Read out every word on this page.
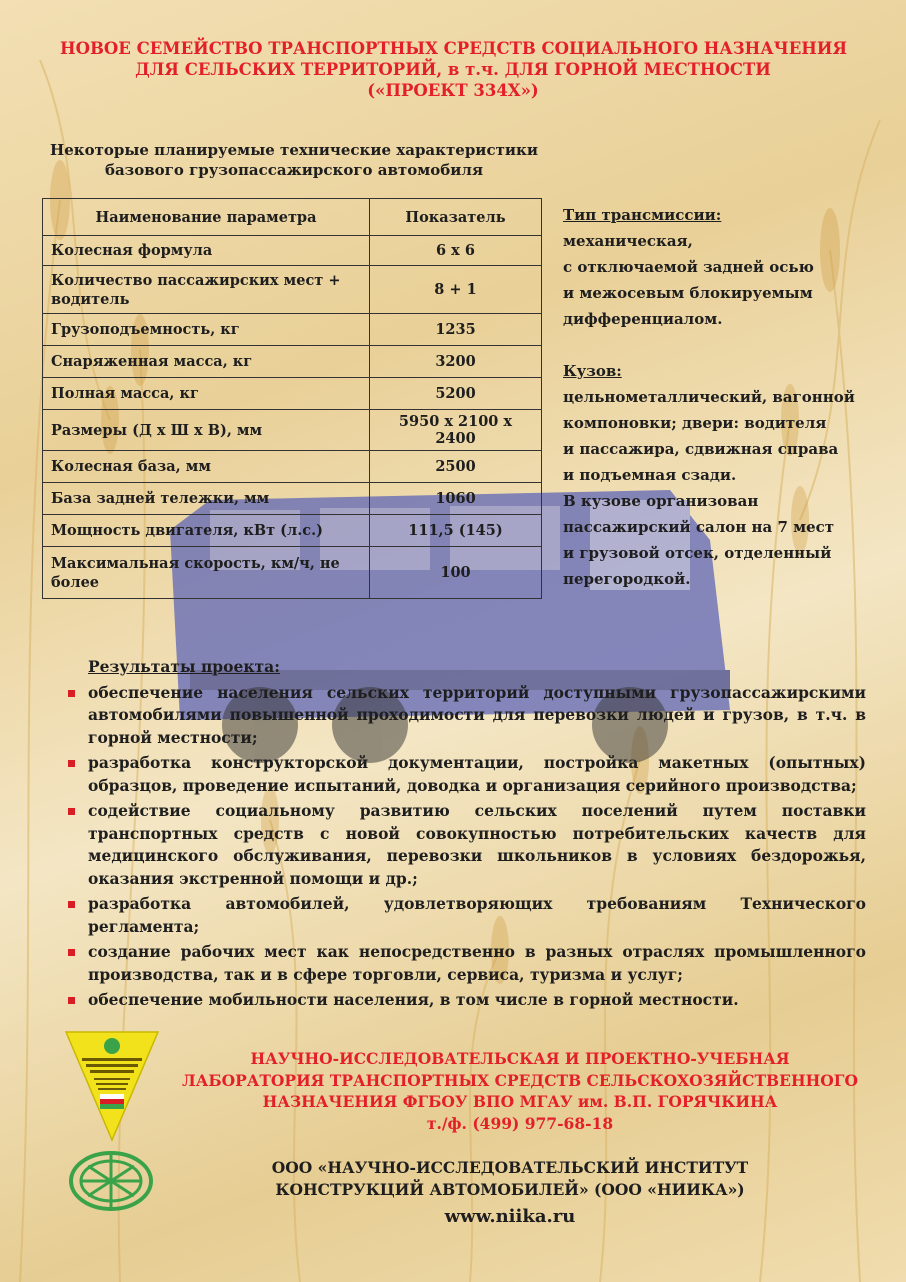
НОВОЕ СЕМЕЙСТВО ТРАНСПОРТНЫХ СРЕДСТВ СОЦИАЛЬНОГО НАЗНАЧЕНИЯ
ДЛЯ СЕЛЬСКИХ ТЕРРИТОРИЙ, в т.ч. ДЛЯ ГОРНОЙ МЕСТНОСТИ
(«ПРОЕКТ 334Х»)
Некоторые планируемые технические характеристики
базового грузопассажирского автомобиля
Наименование параметра	Показатель
Колесная формула	6 х 6
Количество пассажирских мест + водитель	8 + 1
Грузоподъемность, кг	1235
Снаряженная масса, кг	3200
Полная масса, кг	5200
Размеры (Д х Ш х В), мм	5950 х 2100 х 2400
Колесная база, мм	2500
База задней тележки, мм	1060
Мощность двигателя, кВт (л.с.)	111,5 (145)
Максимальная скорость, км/ч, не более	100
Тип трансмиссии:
механическая,
с отключаемой задней осью
и межосевым блокируемым
дифференциалом.
Кузов:
цельнометаллический, вагонной
компоновки; двери: водителя
и пассажира, сдвижная справа
и подъемная сзади.
В кузове организован
пассажирский салон на 7 мест
и грузовой отсек, отделенный
перегородкой.
Результаты проекта:
обеспечение населения сельских территорий доступными грузопассажирскими автомобилями повышенной проходимости для перевозки людей и грузов, в т.ч. в горной местности;
разработка конструкторской документации, постройка макетных (опытных) образцов, проведение испытаний, доводка и организация серийного производства;
содействие социальному развитию сельских поселений путем поставки транспортных средств с новой совокупностью потребительских качеств для медицинского обслуживания, перевозки школьников в условиях бездорожья, оказания экстренной помощи и др.;
разработка автомобилей, удовлетворяющих требованиям Технического регламента;
создание рабочих мест как непосредственно в разных отраслях промышленного производства, так и в сфере торговли, сервиса, туризма и услуг;
обеспечение мобильности населения, в том числе в горной местности.
НАУЧНО-ИССЛЕДОВАТЕЛЬСКАЯ И ПРОЕКТНО-УЧЕБНАЯ
ЛАБОРАТОРИЯ ТРАНСПОРТНЫХ СРЕДСТВ СЕЛЬСКОХОЗЯЙСТВЕННОГО
НАЗНАЧЕНИЯ ФГБОУ ВПО МГАУ им. В.П. ГОРЯЧКИНА
т./ф. (499) 977-68-18
ООО «НАУЧНО-ИССЛЕДОВАТЕЛЬСКИЙ ИНСТИТУТ
КОНСТРУКЦИЙ АВТОМОБИЛЕЙ» (ООО «НИИКА»)
www.niika.ru
